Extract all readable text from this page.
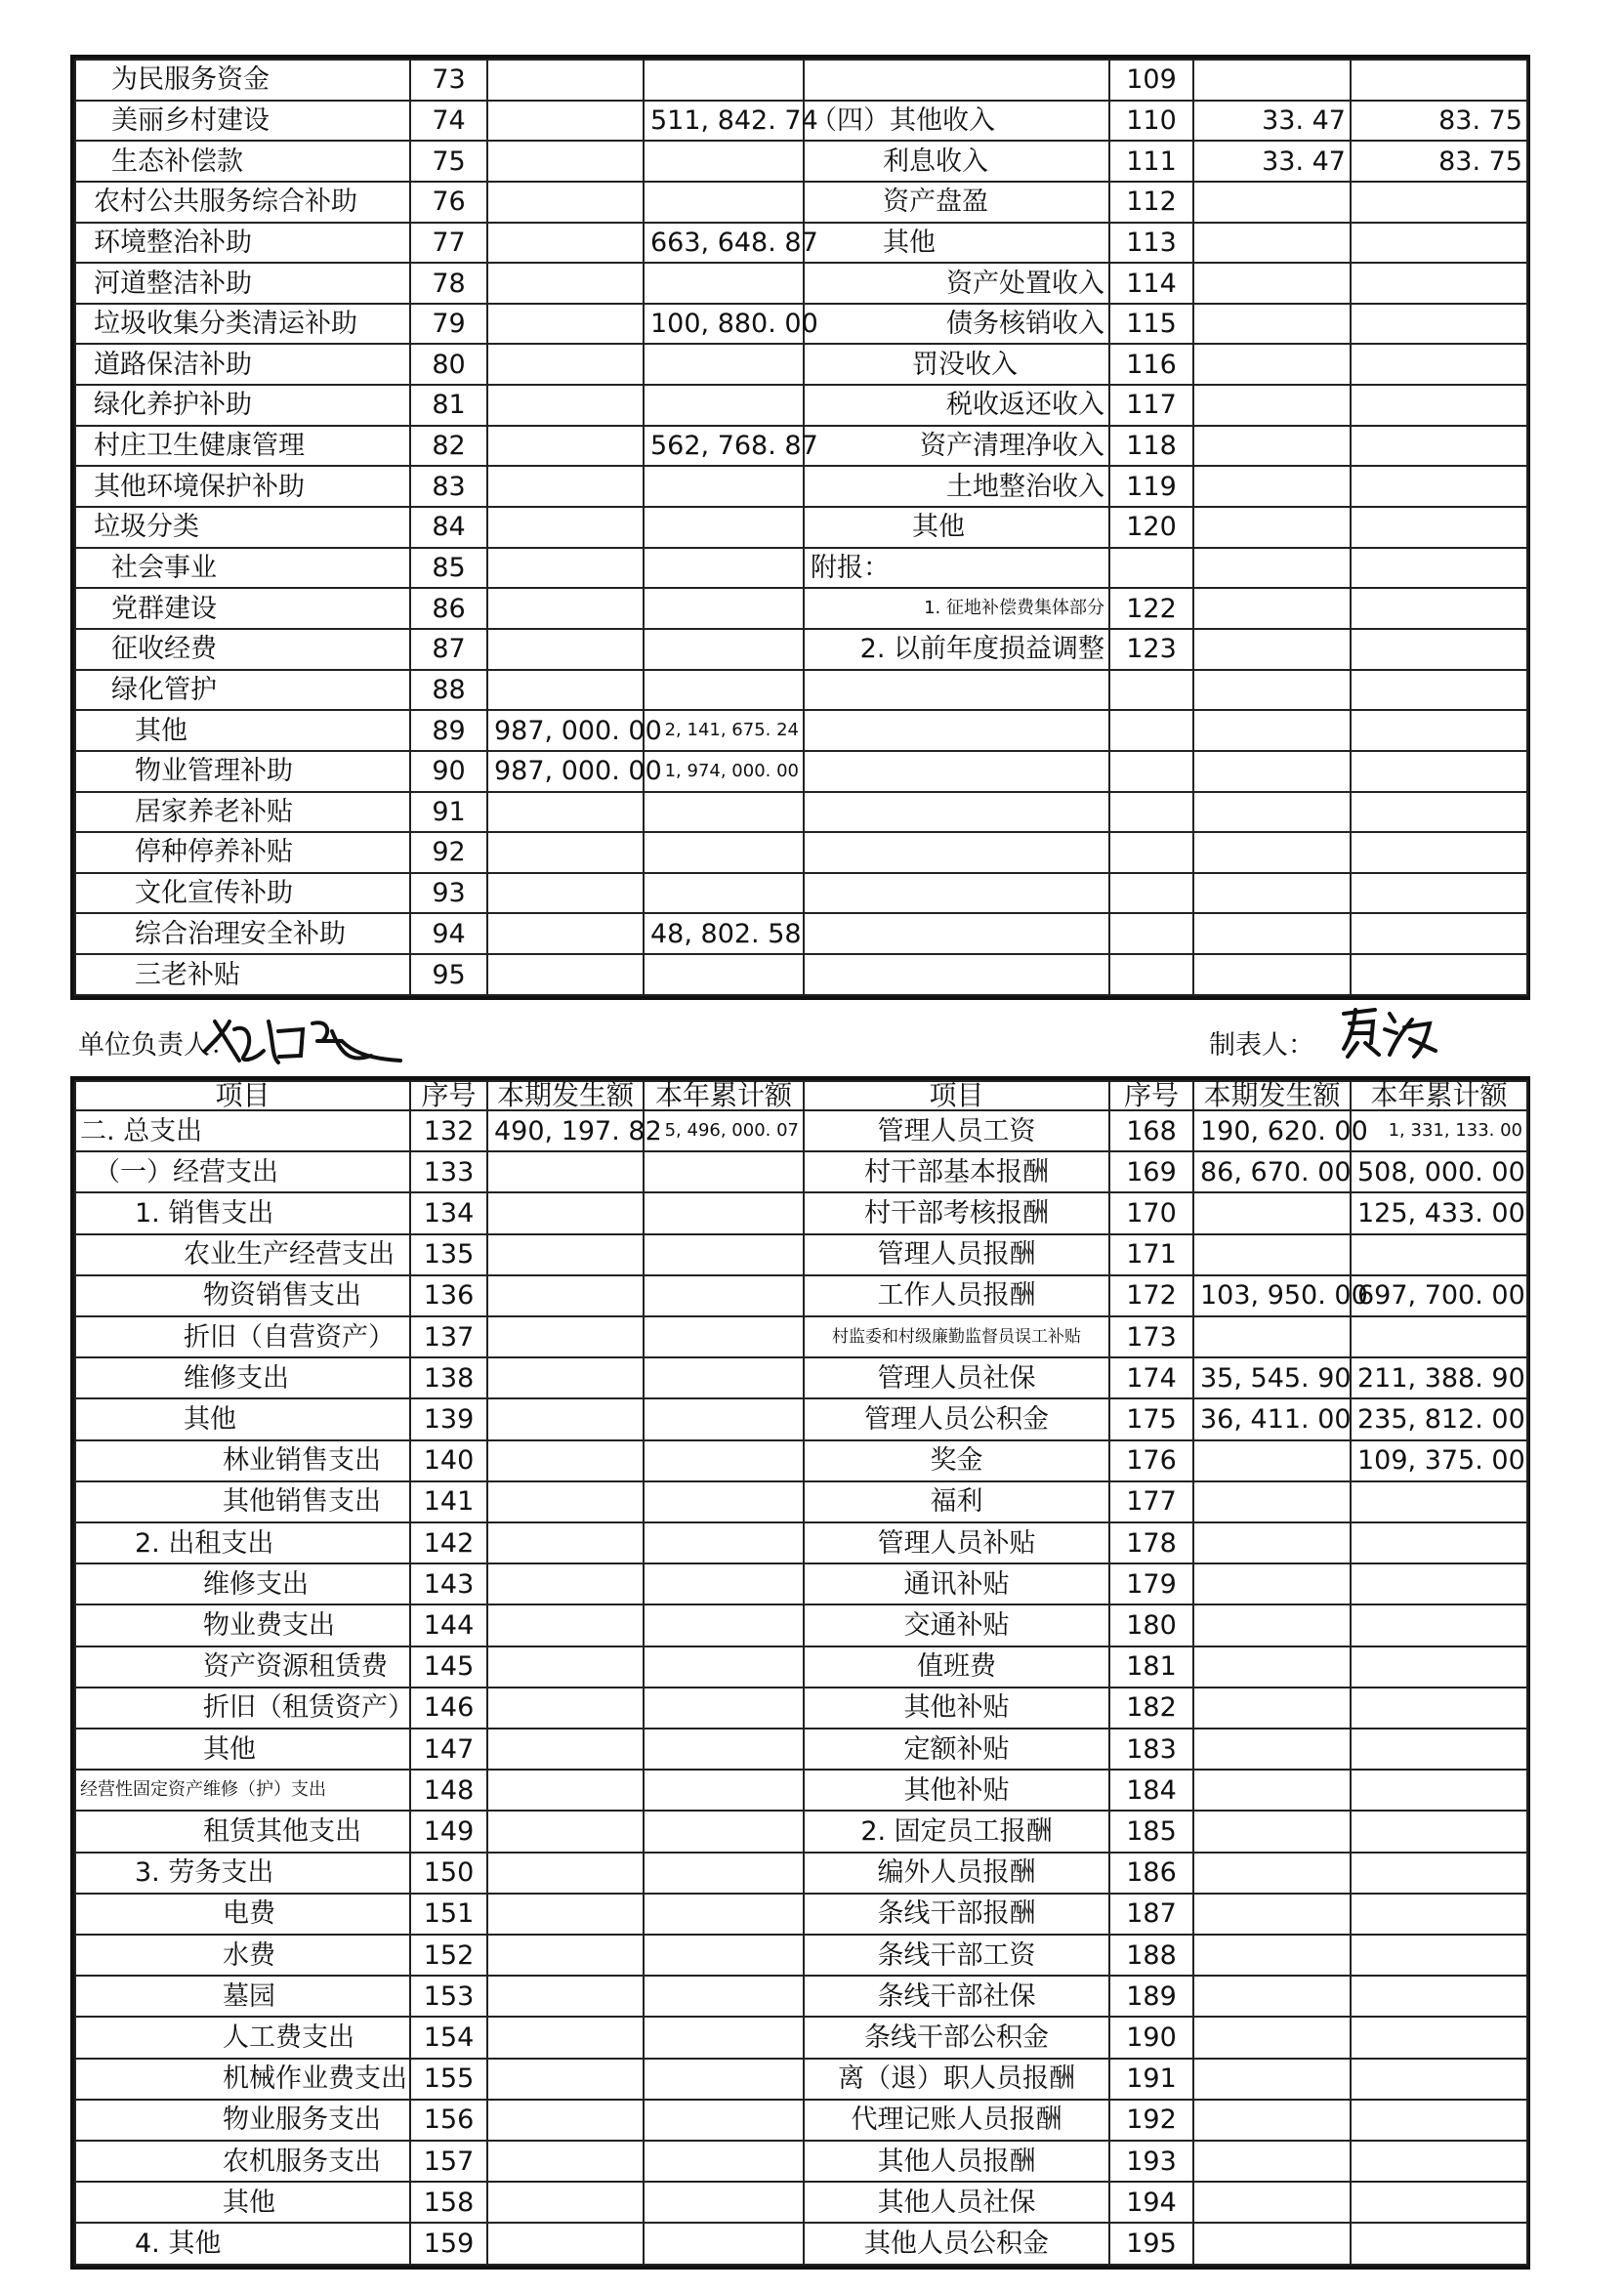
为民服务资金	73				109		
美丽乡村建设	74		511, 842. 74	（四）其他收入	110	33. 47	83. 75
生态补偿款	75			利息收入	111	33. 47	83. 75
农村公共服务综合补助	76			资产盘盈	112		
环境整治补助	77		663, 648. 87	其他	113		
河道整洁补助	78			资产处置收入	114		
垃圾收集分类清运补助	79		100, 880. 00	债务核销收入	115		
道路保洁补助	80			罚没收入	116		
绿化养护补助	81			税收返还收入	117		
村庄卫生健康管理	82		562, 768. 87	资产清理净收入	118		
其他环境保护补助	83			土地整治收入	119		
垃圾分类	84			其他	120		
社会事业	85			附报：			
党群建设	86			1. 征地补偿费集体部分	122		
征收经费	87			2. 以前年度损益调整	123		
绿化管护	88						
其他	89	987, 000. 00	2, 141, 675. 24				
物业管理补助	90	987, 000. 00	1, 974, 000. 00				
居家养老补贴	91						
停种停养补贴	92						
文化宣传补助	93						
综合治理安全补助	94		48, 802. 58				
三老补贴	95						
单位负责人：	制表人：
项目	序号	本期发生额	本年累计额	项目	序号	本期发生额	本年累计额
二. 总支出	132	490, 197. 82	5, 496, 000. 07	管理人员工资	168	190, 620. 00	1, 331, 133. 00
（一）经营支出	133			村干部基本报酬	169	86, 670. 00	508, 000. 00
1. 销售支出	134			村干部考核报酬	170		125, 433. 00
农业生产经营支出	135			管理人员报酬	171		
物资销售支出	136			工作人员报酬	172	103, 950. 00	697, 700. 00
折旧（自营资产）	137			村监委和村级廉勤监督员误工补贴	173		
维修支出	138			管理人员社保	174	35, 545. 90	211, 388. 90
其他	139			管理人员公积金	175	36, 411. 00	235, 812. 00
林业销售支出	140			奖金	176		109, 375. 00
其他销售支出	141			福利	177		
2. 出租支出	142			管理人员补贴	178		
维修支出	143			通讯补贴	179		
物业费支出	144			交通补贴	180		
资产资源租赁费	145			值班费	181		
折旧（租赁资产）	146			其他补贴	182		
其他	147			定额补贴	183		
经营性固定资产维修（护）支出	148			其他补贴	184		
租赁其他支出	149			2. 固定员工报酬	185		
3. 劳务支出	150			编外人员报酬	186		
电费	151			条线干部报酬	187		
水费	152			条线干部工资	188		
墓园	153			条线干部社保	189		
人工费支出	154			条线干部公积金	190		
机械作业费支出	155			离（退）职人员报酬	191		
物业服务支出	156			代理记账人员报酬	192		
农机服务支出	157			其他人员报酬	193		
其他	158			其他人员社保	194		
4. 其他	159			其他人员公积金	195		
